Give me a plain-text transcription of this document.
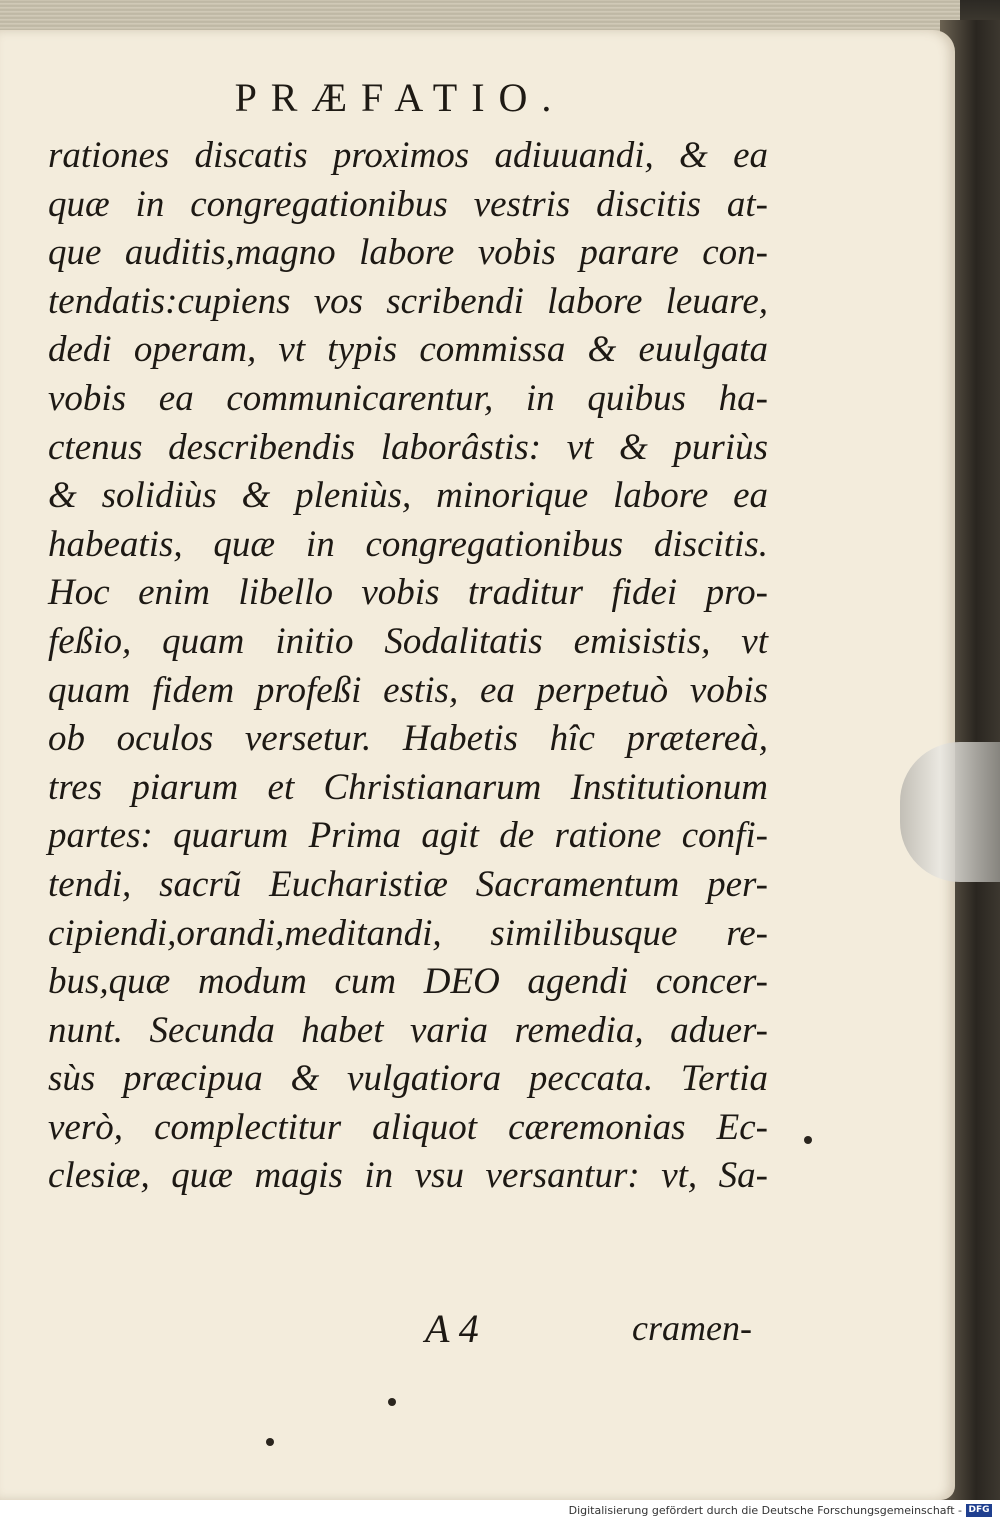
PRÆFATIO.
rationes discatis proximos adiuuandi, & ea
quæ in congregationibus vestris discitis at-
que auditis,magno labore vobis parare con-
tendatis:cupiens vos scribendi labore leuare,
dedi operam, vt typis commissa & euulgata
vobis ea communicarentur, in quibus ha-
ctenus describendis laborâstis: vt & puriùs
& solidiùs & pleniùs, minorique labore ea
habeatis, quæ in congregationibus discitis.
Hoc enim libello vobis traditur fidei pro-
feßio, quam initio Sodalitatis emisistis, vt
quam fidem profeßi estis, ea perpetuò vobis
ob oculos versetur. Habetis hîc prætereà,
tres piarum et Christianarum Institutionum
partes: quarum Prima agit de ratione confi-
tendi, sacrũ Eucharistiæ Sacramentum per-
cipiendi,orandi,meditandi, similibusque re-
bus,quæ modum cum DEO agendi concer-
nunt. Secunda habet varia remedia, aduer-
sùs præcipua & vulgatiora peccata. Tertia
verò, complectitur aliquot cæremonias Ec-
clesiæ, quæ magis in vsu versantur: vt, Sa-
A 4	cramen-
Digitalisierung gefördert durch die Deutsche Forschungsgemeinschaft - DFG
